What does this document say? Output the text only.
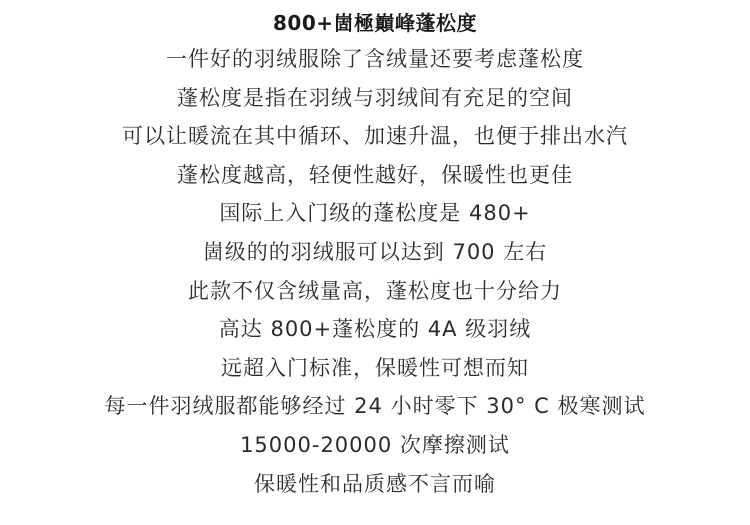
800+崮極巔峰蓬松度
一件好的羽绒服除了含绒量还要考虑蓬松度
蓬松度是指在羽绒与羽绒间有充足的空间
可以让暖流在其中循环、加速升温，也便于排出水汽
蓬松度越高，轻便性越好，保暖性也更佳
国际上入门级的蓬松度是 480+
崮级的的羽绒服可以达到 700 左右
此款不仅含绒量高，蓬松度也十分给力
高达 800+蓬松度的 4A 级羽绒
远超入门标准，保暖性可想而知
每一件羽绒服都能够经过 24 小时零下 30° C 极寒测试
15000-20000 次摩擦测试
保暖性和品质感不言而喻
